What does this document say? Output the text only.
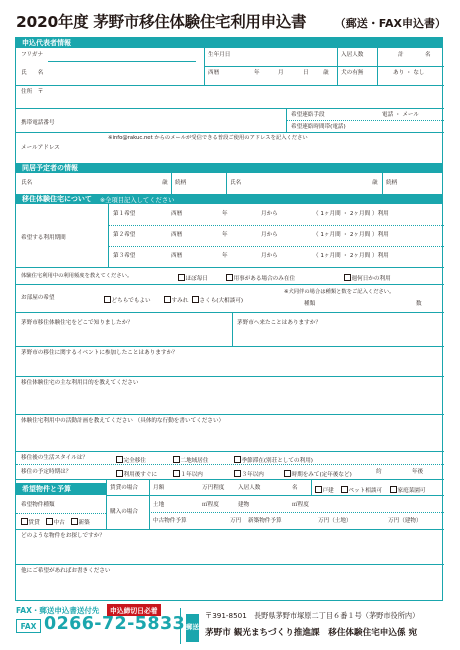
2020年度 茅野市移住体験住宅利用申込書	（郵送・FAX申込書）
申込代表者情報
フリガナ
氏　　名
生年月日
西暦	年	月	日	歳
入居人数	計	名
犬の有無	あり ・ なし
住所　〒
携帯電話番号
希望連絡手段	電話 ・ メール
希望連絡時間帯(電話)
※info@rakuc.net からのメールが受信できる普段ご使用のアドレスを記入ください
メールアドレス
同居予定者の情報
氏名	歳 続柄	氏名	歳 続柄
移住体験住宅について ※全項目記入してください
希望する利用期間
第１希望	西暦	年	月から	（ 1ヶ月間 ・ 2ヶ月間 ）利用
第２希望	西暦	年	月から	（ 1ヶ月間 ・ 2ヶ月間 ）利用
第３希望	西暦	年	月から	（ 1ヶ月間 ・ 2ヶ月間 ）利用
体験住宅利用中の利用頻度を教えてください。	ほぼ毎日	用事がある場合のみ在住	週何日かの利用
お部屋の希望	どちらでもよい	すみれ	さくら(大相談可)
※犬同伴の場合は種類と数をご記入ください。
種類	数
茅野市移住体験住宅をどこで知りましたか？	茅野市へ来たことはありますか？
茅野市の移住に関するイベントに参加したことはありますか？
移住体験住宅の主な利用目的を教えてください
体験住宅利用中の活動計画を教えてください （具体的な行動を書いてください）
移住後の生活スタイルは？	完全移住	二地域居住	季節滞在(別荘としての利用)
移住の予定時期は？	利用後すぐに	１年以内	３年以内	時期をみて(定年後など)	約	年後
希望物件と予算	賃貸の場合	月額	万円程度 入居人数	名	戸建	ペット相談可	家庭菜園可
希望物件種類
賃貸	中古	新築
購入の場合
土地	㎡程度	建物	㎡程度
中古物件予算	万円 新築物件予算	万円（土地）	万円（建物）
どのような物件をお探しですか？
他にご希望があればお書きください
FAX・郵送申込書送付先	申込締切日必着
FAX 0266-72-5833 郵送
〒391-8501　長野県茅野市塚原二丁目６番１号（茅野市役所内）
茅野市 観光まちづくり推進課　移住体験住宅申込係 宛
